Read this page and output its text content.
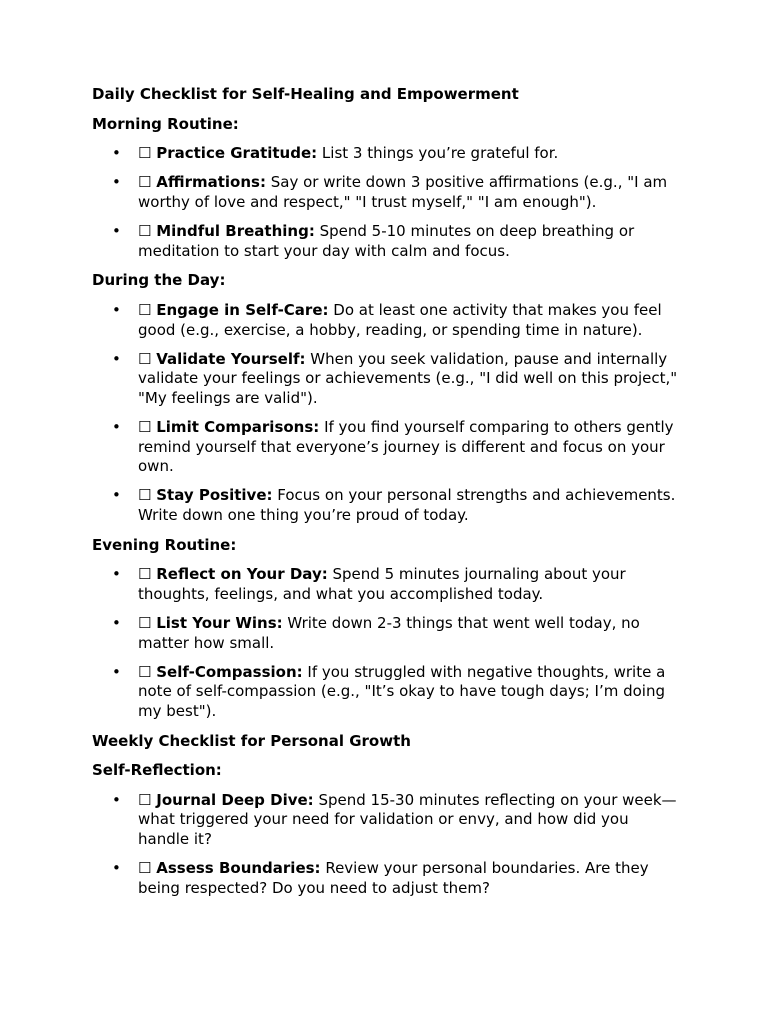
Daily Checklist for Self-Healing and Empowerment
Morning Routine:
• ☐ Practice Gratitude: List 3 things you’re grateful for.
• ☐ Affirmations: Say or write down 3 positive affirmations (e.g., "I am worthy of love and respect," "I trust myself," "I am enough").
• ☐ Mindful Breathing: Spend 5-10 minutes on deep breathing or meditation to start your day with calm and focus.
During the Day:
• ☐ Engage in Self-Care: Do at least one activity that makes you feel good (e.g., exercise, a hobby, reading, or spending time in nature).
• ☐ Validate Yourself: When you seek validation, pause and internally validate your feelings or achievements (e.g., "I did well on this project," "My feelings are valid").
• ☐ Limit Comparisons: If you find yourself comparing to others gently remind yourself that everyone’s journey is different and focus on your own.
• ☐ Stay Positive: Focus on your personal strengths and achievements.
Write down one thing you’re proud of today.
Evening Routine:
• ☐ Reflect on Your Day: Spend 5 minutes journaling about your thoughts, feelings, and what you accomplished today.
• ☐ List Your Wins: Write down 2-3 things that went well today, no matter how small.
• ☐ Self-Compassion: If you struggled with negative thoughts, write a note of self-compassion (e.g., "It’s okay to have tough days; I’m doing my best").
Weekly Checklist for Personal Growth
Self-Reflection:
• ☐ Journal Deep Dive: Spend 15-30 minutes reflecting on your week—what triggered your need for validation or envy, and how did you handle it?
• ☐ Assess Boundaries: Review your personal boundaries. Are they being respected? Do you need to adjust them?
